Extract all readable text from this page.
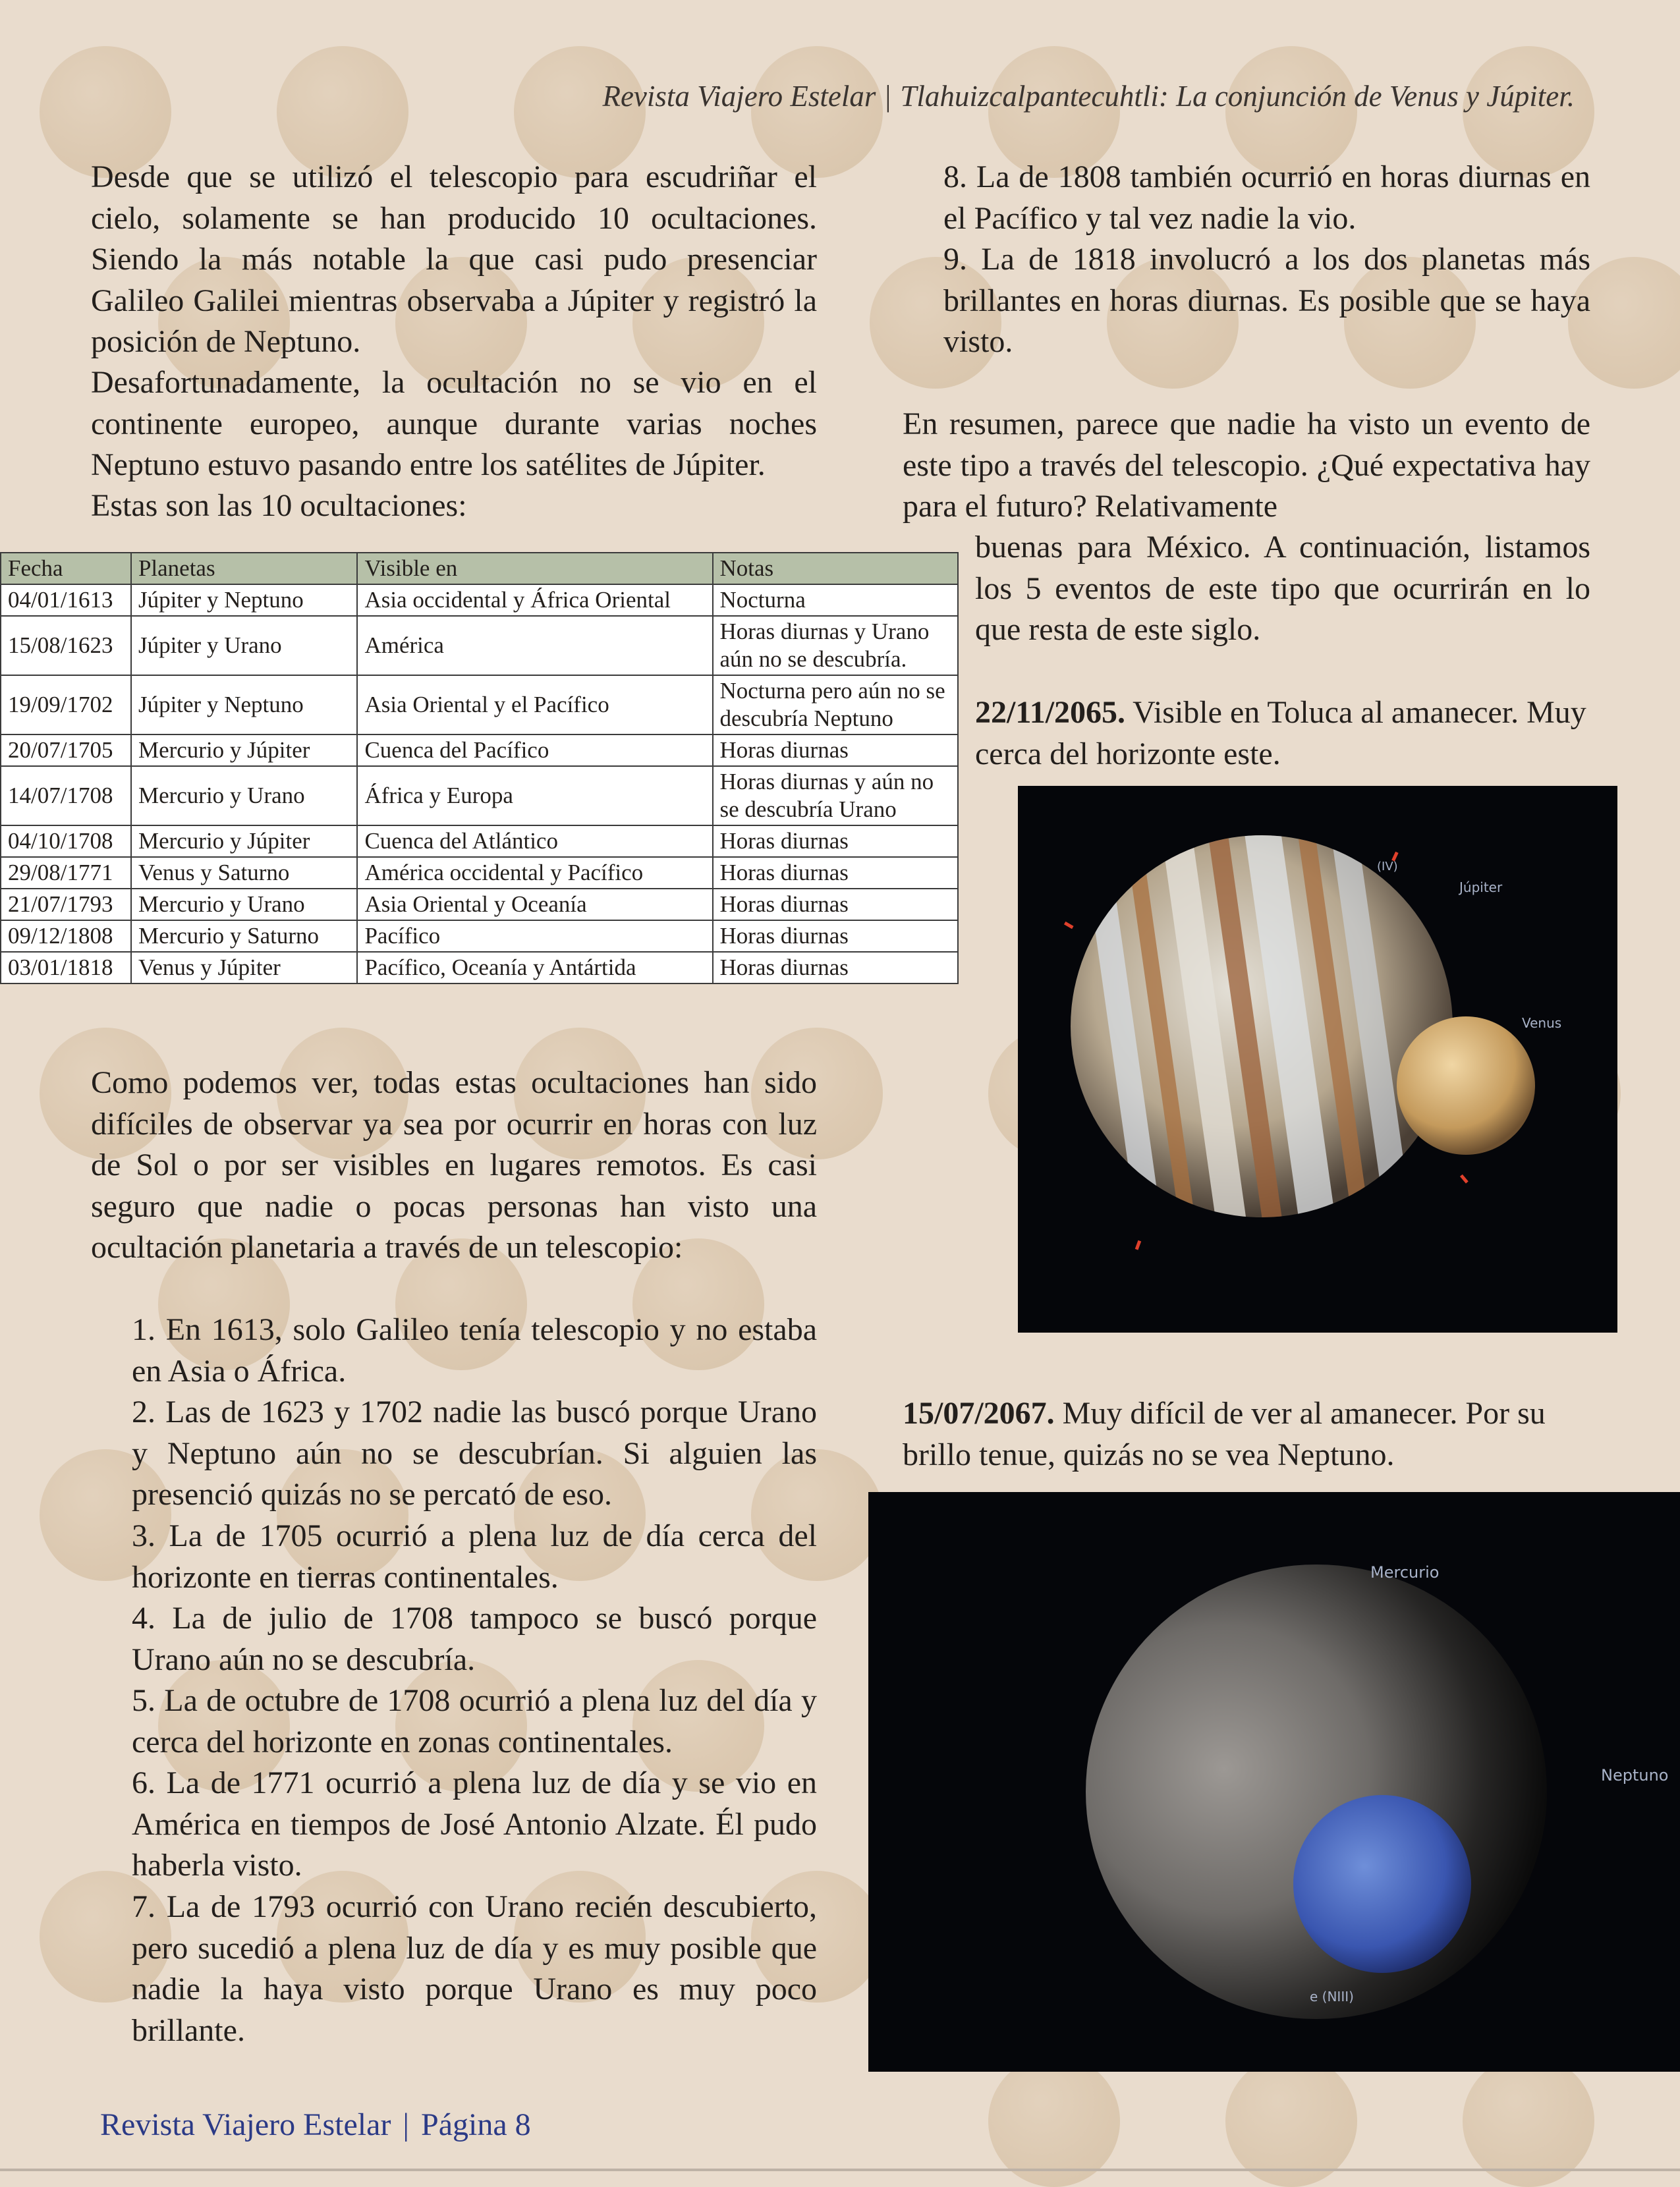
Revista Viajero Estelar | Tlahuizcalpantecuhtli: La conjunción de Venus y Júpiter.

Desde que se utilizó el telescopio para escudriñar el cielo, solamente se han producido 10 ocultaciones. Siendo la más notable la que casi pudo presenciar Galileo Galilei mientras observaba a Júpiter y registró la posición de Neptuno.

Desafortunadamente, la ocultación no se vio en el continente europeo, aunque durante varias noches Neptuno estuvo pasando entre los satélites de Júpiter.

Estas son las 10 ocultaciones:

Fecha	Planetas	Visible en	Notas
04/01/1613	Júpiter y Neptuno	Asia occidental y África Oriental	Nocturna
15/08/1623	Júpiter y Urano	América	Horas diurnas y Urano aún no se descubría.
19/09/1702	Júpiter y Neptuno	Asia Oriental y el Pacífico	Nocturna pero aún no se descubría Neptuno
20/07/1705	Mercurio y Júpiter	Cuenca del Pacífico	Horas diurnas
14/07/1708	Mercurio y Urano	África y Europa	Horas diurnas y aún no se descubría Urano
04/10/1708	Mercurio y Júpiter	Cuenca del Atlántico	Horas diurnas
29/08/1771	Venus y Saturno	América occidental y Pacífico	Horas diurnas
21/07/1793	Mercurio y Urano	Asia Oriental y Oceanía	Horas diurnas
09/12/1808	Mercurio y Saturno	Pacífico	Horas diurnas
03/01/1818	Venus y Júpiter	Pacífico, Oceanía y Antártida	Horas diurnas

Como podemos ver, todas estas ocultaciones han sido difíciles de observar ya sea por ocurrir en horas con luz de Sol o por ser visibles en lugares remotos. Es casi seguro que nadie o pocas personas han visto una ocultación planetaria a través de un telescopio:

1. En 1613, solo Galileo tenía telescopio y no estaba en Asia o África.

2. Las de 1623 y 1702 nadie las buscó porque Urano y Neptuno aún no se descubrían. Si alguien las presenció quizás no se percató de eso.

3. La de 1705 ocurrió a plena luz de día cerca del horizonte en tierras continentales.

4. La de julio de 1708 tampoco se buscó porque Urano aún no se descubría.

5. La de octubre de 1708 ocurrió a plena luz del día y cerca del horizonte en zonas continentales.

6. La de 1771 ocurrió a plena luz de día y se vio en América en tiempos de José Antonio Alzate. Él pudo haberla visto.

7. La de 1793 ocurrió con Urano recién descubierto, pero sucedió a plena luz de día y es muy posible que nadie la haya visto porque Urano es muy poco brillante.

8. La de 1808 también ocurrió en horas diurnas en el Pacífico y tal vez nadie la vio.

9. La de 1818 involucró a los dos planetas más brillantes en horas diurnas. Es posible que se haya visto.

En resumen, parece que nadie ha visto un evento de este tipo a través del telescopio. ¿Qué expectativa hay para el futuro? Relativamente

buenas para México. A continuación, listamos los 5 eventos de este tipo que ocurrirán en lo que resta de este siglo.

22/11/2065. Visible en Toluca al amanecer. Muy cerca del horizonte este.

Júpiter
Venus
(IV)

15/07/2067. Muy difícil de ver al amanecer. Por su brillo tenue, quizás no se vea Neptuno.

Mercurio
Neptuno
e (NIII)
Revista Viajero Estelar | Página 8
